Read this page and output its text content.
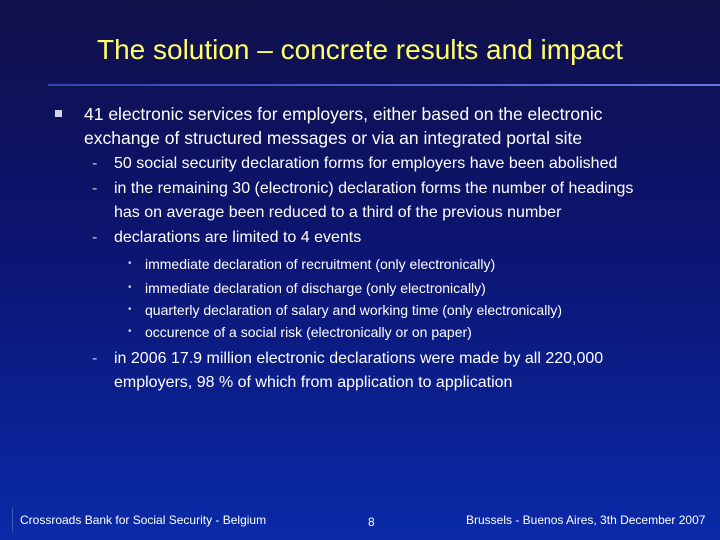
The solution – concrete results and impact
41 electronic services for employers, either based on the electronic
exchange of structured messages or via an integrated portal site
- 50 social security declaration forms for employers have been abolished
- in the remaining 30 (electronic) declaration forms the number of headings
has on average been reduced to a third of the previous number
- declarations are limited to 4 events
• immediate declaration of recruitment (only electronically)
• immediate declaration of discharge (only electronically)
• quarterly declaration of salary and working time (only electronically)
• occurence of a social risk (electronically or on paper)
- in 2006 17.9 million electronic declarations were made by all 220,000
employers, 98 % of which from application to application
Crossroads Bank for Social Security - Belgium	8	Brussels - Buenos Aires, 3th December 2007
